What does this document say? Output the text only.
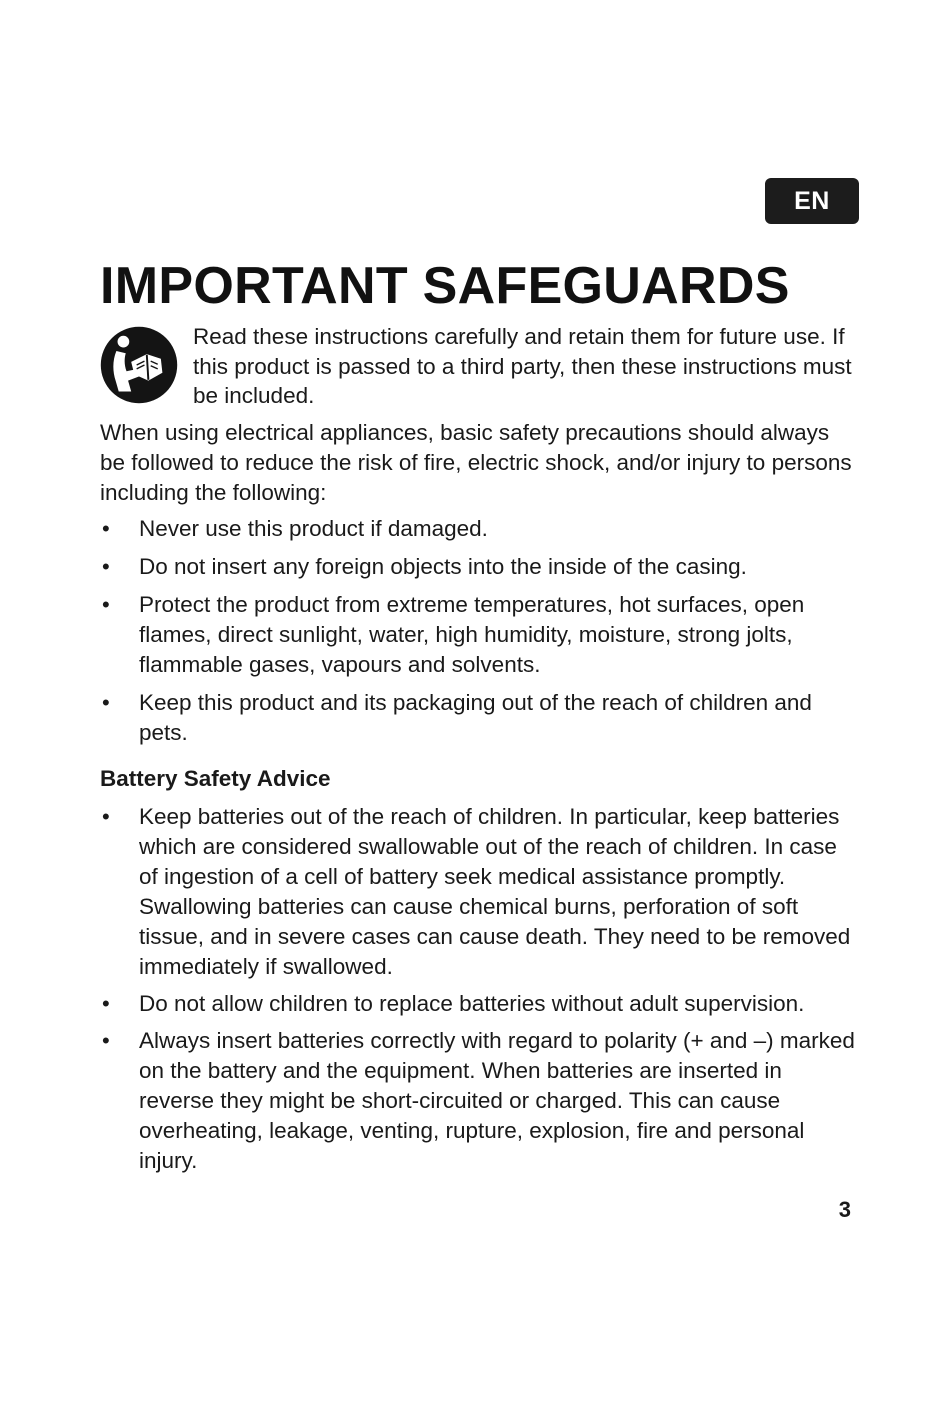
EN
IMPORTANT SAFEGUARDS

Read these instructions carefully and retain them for future use. If this product is passed to a third party, then these instructions must be included.

When using electrical appliances, basic safety precautions should always be followed to reduce the risk of fire, electric shock, and/or injury to persons including the following:

• Never use this product if damaged.
• Do not insert any foreign objects into the inside of the casing.
• Protect the product from extreme temperatures, hot surfaces, open flames, direct sunlight, water, high humidity, moisture, strong jolts, flammable gases, vapours and solvents.
• Keep this product and its packaging out of the reach of children and pets.
Battery Safety Advice
• Keep batteries out of the reach of children. In particular, keep batteries which are considered swallowable out of the reach of children. In case of ingestion of a cell of battery seek medical assistance promptly. Swallowing batteries can cause chemical burns, perforation of soft tissue, and in severe cases can cause death. They need to be removed immediately if swallowed.
• Do not allow children to replace batteries without adult supervision.
• Always insert batteries correctly with regard to polarity (+ and –) marked on the battery and the equipment. When batteries are inserted in reverse they might be short-circuited or charged. This can cause overheating, leakage, venting, rupture, explosion, fire and personal injury.
3
